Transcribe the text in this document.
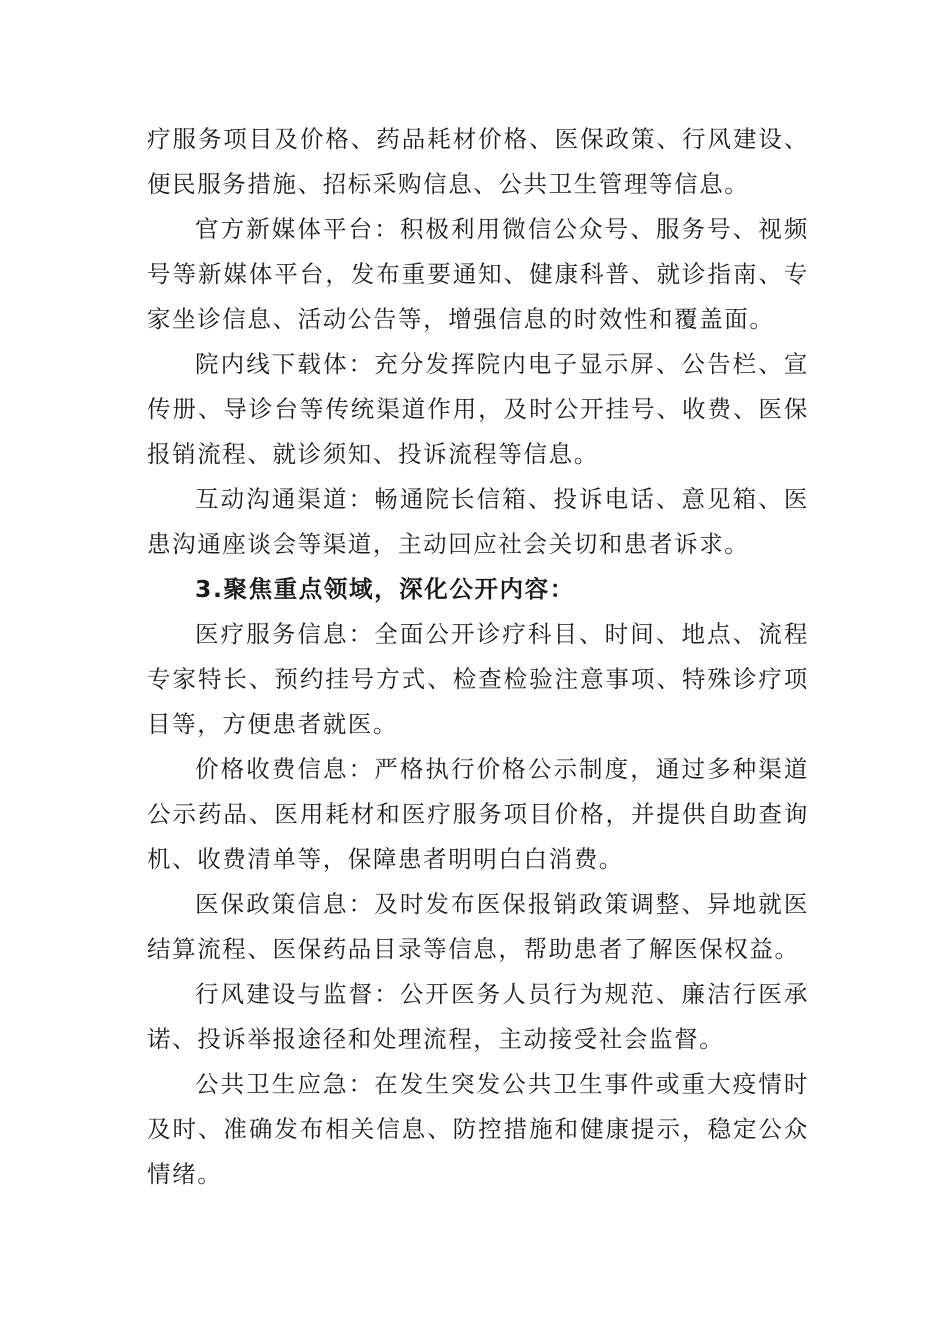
疗服务项目及价格、药品耗材价格、医保政策、行风建设、便民服务措施、招标采购信息、公共卫生管理等信息。

官方新媒体平台：积极利用微信公众号、服务号、视频号等新媒体平台，发布重要通知、健康科普、就诊指南、专家坐诊信息、活动公告等，增强信息的时效性和覆盖面。

院内线下载体：充分发挥院内电子显示屏、公告栏、宣传册、导诊台等传统渠道作用，及时公开挂号、收费、医保报销流程、就诊须知、投诉流程等信息。

互动沟通渠道：畅通院长信箱、投诉电话、意见箱、医患沟通座谈会等渠道，主动回应社会关切和患者诉求。

3.聚焦重点领域，深化公开内容：

医疗服务信息：全面公开诊疗科目、时间、地点、流程专家特长、预约挂号方式、检查检验注意事项、特殊诊疗项目等，方便患者就医。

价格收费信息：严格执行价格公示制度，通过多种渠道公示药品、医用耗材和医疗服务项目价格，并提供自助查询机、收费清单等，保障患者明明白白消费。

医保政策信息：及时发布医保报销政策调整、异地就医结算流程、医保药品目录等信息，帮助患者了解医保权益。

行风建设与监督：公开医务人员行为规范、廉洁行医承诺、投诉举报途径和处理流程，主动接受社会监督。

公共卫生应急：在发生突发公共卫生事件或重大疫情时及时、准确发布相关信息、防控措施和健康提示，稳定公众情绪。
